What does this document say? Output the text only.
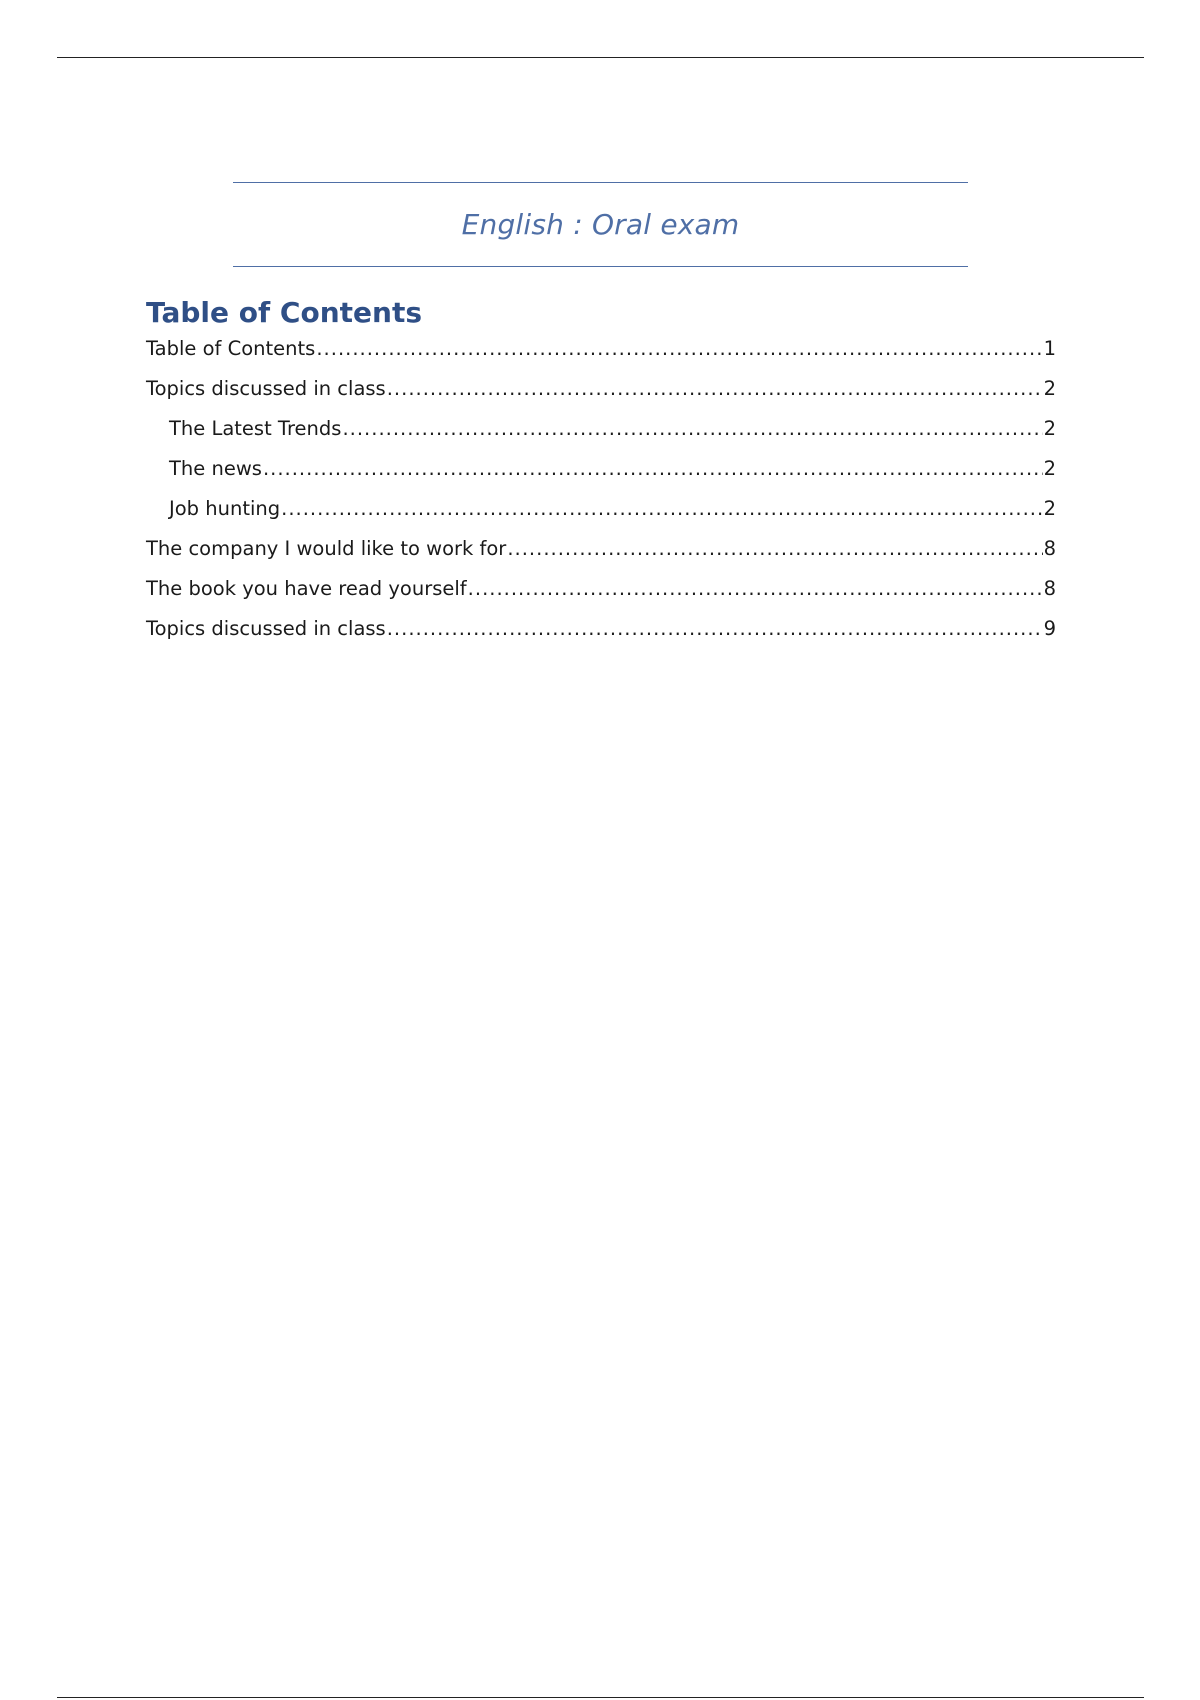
English : Oral exam
Table of Contents
Table of Contents .....	1
Topics discussed in class .....	2
The Latest Trends .....	2
The news .....	2
Job hunting .....	2
The company I would like to work for .....	8
The book you have read yourself .....	8
Topics discussed in class .....	9
